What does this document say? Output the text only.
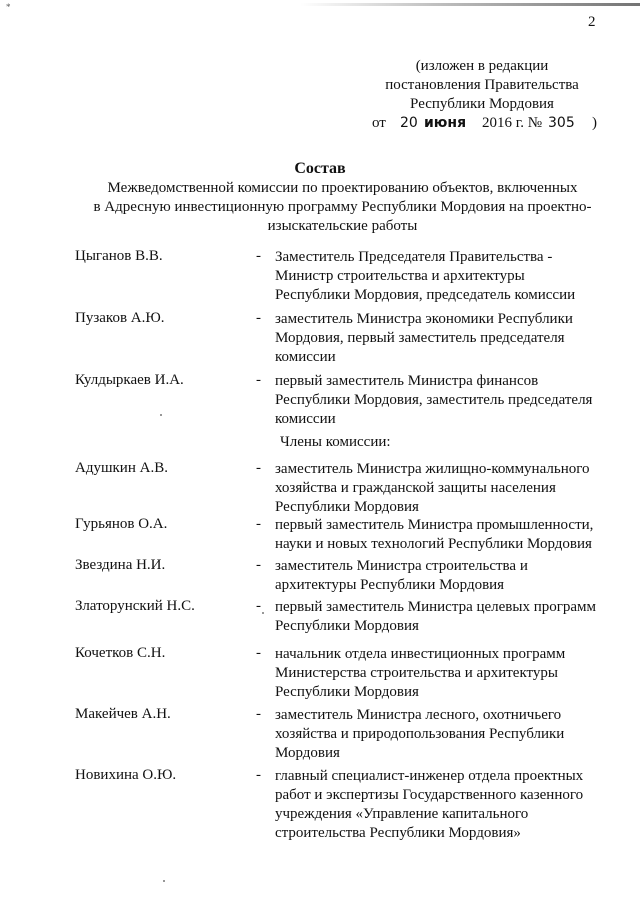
*
2
(изложен в редакции
постановления Правительства
Республики Мордовия
от 20 июня 2016 г. № 305 )
Состав
Межведомственной комиссии по проектированию объектов, включенных
в Адресную инвестиционную программу Республики Мордовия на проектно-
изыскательские работы
Цыганов В.В.	- Заместитель Председателя Правительства -
Министр строительства и архитектуры
Республики Мордовия, председатель комиссии
Пузаков А.Ю.	- заместитель Министра экономики Республики
Мордовия, первый заместитель председателя
комиссии
Кулдыркаев И.А.	- первый заместитель Министра финансов
Республики Мордовия, заместитель председателя
комиссии
Члены комиссии:
Адушкин А.В.	- заместитель Министра жилищно-коммунального
хозяйства и гражданской защиты населения
Республики Мордовия
Гурьянов О.А.	- первый заместитель Министра промышленности,
науки и новых технологий Республики Мордовия
Звездина Н.И.	- заместитель Министра строительства и
архитектуры Республики Мордовия
Златорунский Н.С.	- первый заместитель Министра целевых программ
Республики Мордовия
Кочетков С.Н.	- начальник отдела инвестиционных программ
Министерства строительства и архитектуры
Республики Мордовия
Макейчев А.Н.	- заместитель Министра лесного, охотничьего
хозяйства и природопользования Республики
Мордовия
Новихина О.Ю.	- главный специалист-инженер отдела проектных
работ и экспертизы Государственного казенного
учреждения «Управление капитального
строительства Республики Мордовия»
